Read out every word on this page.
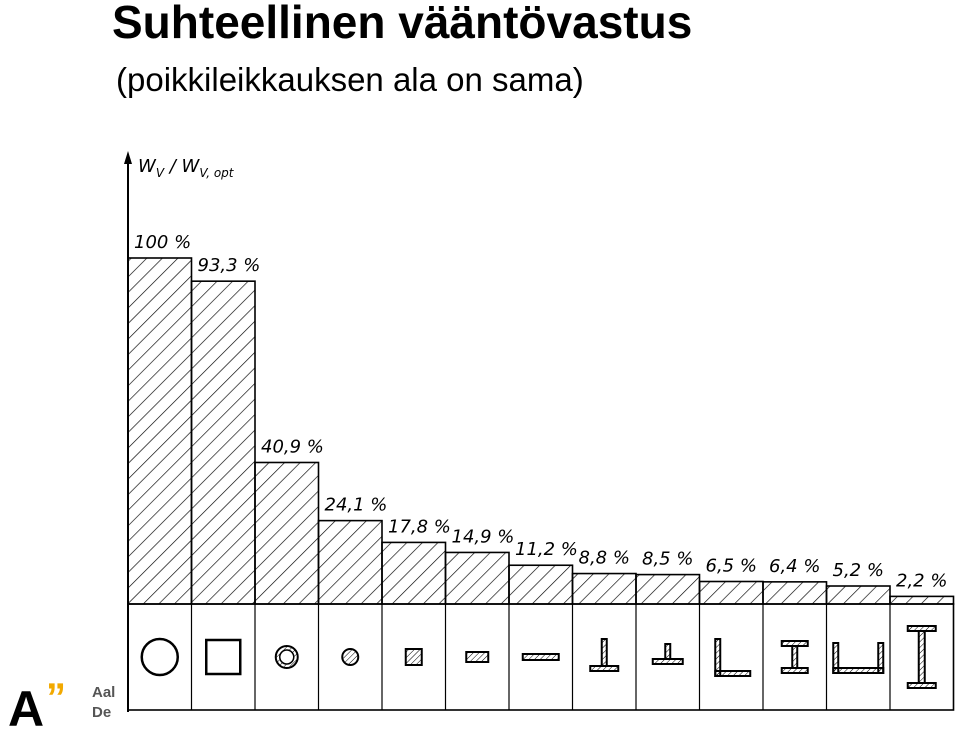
Suhteellinen vääntövastus
(poikkileikkauksen ala on sama)
$W_V / W_{V, opt}$
100 %
93,3 %
40,9 %
24,1 %
17,8 % 14,9 %
11,2 % 8,8 % 8,5 % 6,5 % 6,4 % 5,2 % 2,2 %
A ” Aal
De
